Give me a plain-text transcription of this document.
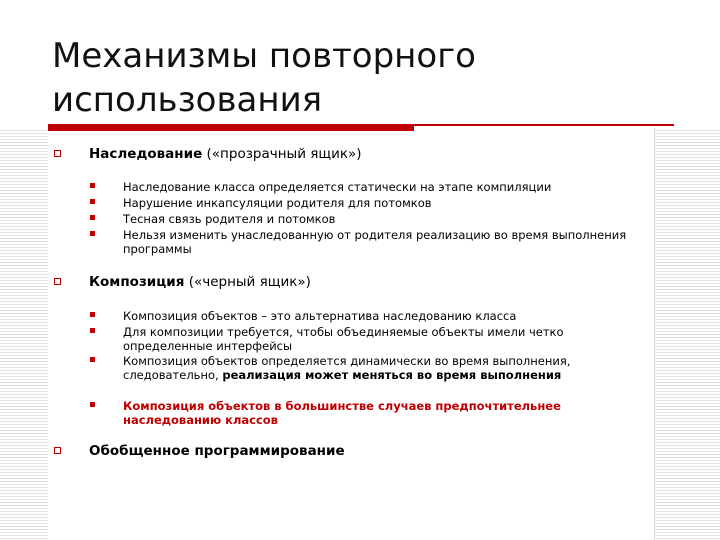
Механизмы повторного использования
Наследование («прозрачный ящик»)
Наследование класса определяется статически на этапе компиляции
Нарушение инкапсуляции родителя для потомков
Тесная связь родителя и потомков
Нельзя изменить унаследованную от родителя реализацию во время выполнения программы
Композиция («черный ящик»)
Композиция объектов – это альтернатива наследованию класса
Для композиции требуется, чтобы объединяемые объекты имели четко определенные интерфейсы
Композиция объектов определяется динамически во время выполнения, следовательно, реализация может меняться во время выполнения
Композиция объектов в большинстве случаев предпочтительнее наследованию классов
Обобщенное программирование
